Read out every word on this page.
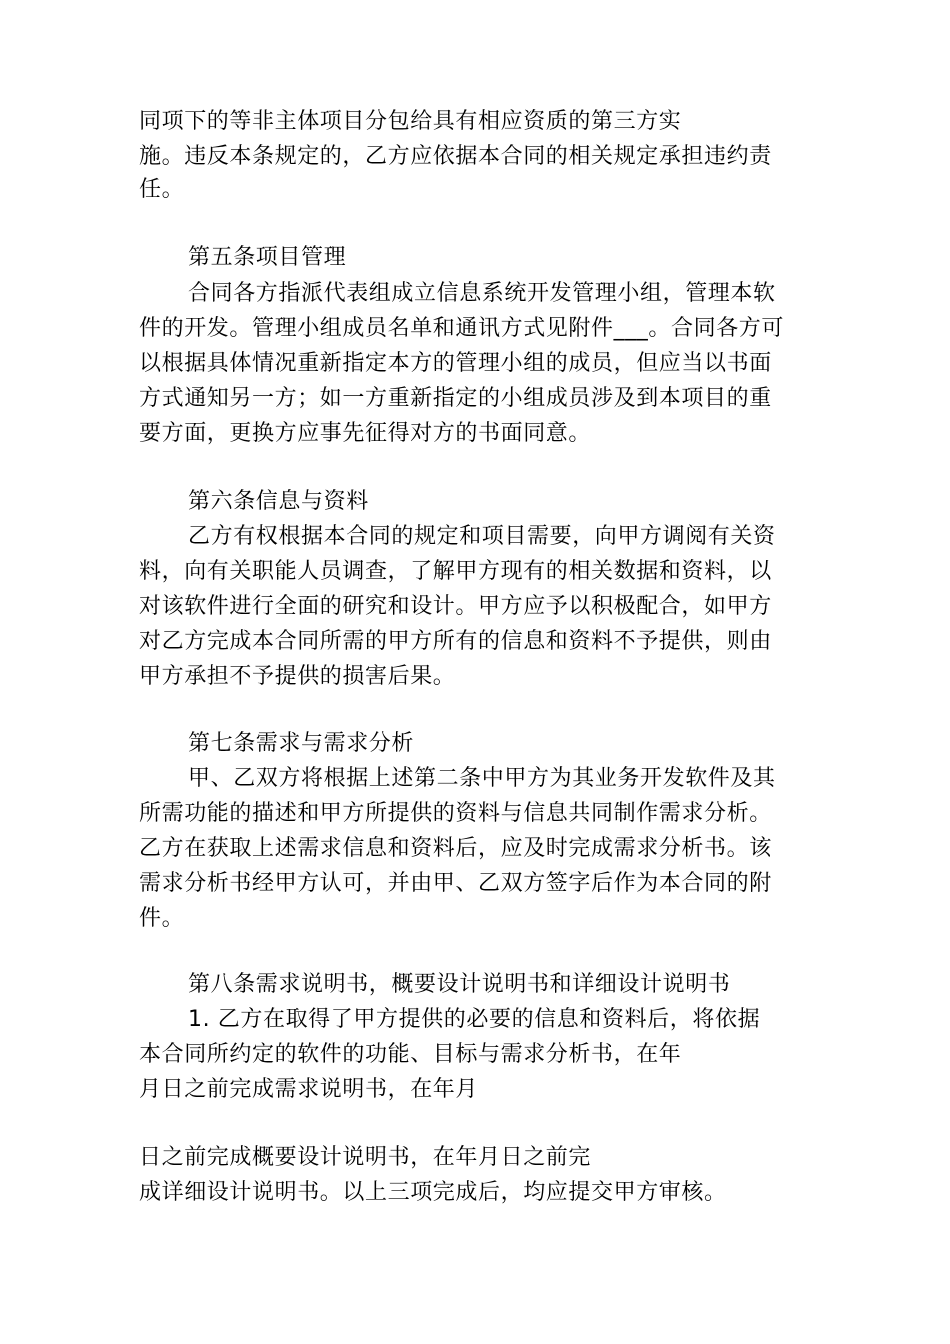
同项下的等非主体项目分包给具有相应资质的第三方实
施。违反本条规定的，乙方应依据本合同的相关规定承担违约责
任。
第五条项目管理
合同各方指派代表组成立信息系统开发管理小组，管理本软
件的开发。管理小组成员名单和通讯方式见附件___。合同各方可
以根据具体情况重新指定本方的管理小组的成员，但应当以书面
方式通知另一方；如一方重新指定的小组成员涉及到本项目的重
要方面，更换方应事先征得对方的书面同意。
第六条信息与资料
乙方有权根据本合同的规定和项目需要，向甲方调阅有关资
料，向有关职能人员调查，了解甲方现有的相关数据和资料，以
对该软件进行全面的研究和设计。甲方应予以积极配合，如甲方
对乙方完成本合同所需的甲方所有的信息和资料不予提供，则由
甲方承担不予提供的损害后果。
第七条需求与需求分析
甲、乙双方将根据上述第二条中甲方为其业务开发软件及其
所需功能的描述和甲方所提供的资料与信息共同制作需求分析。
乙方在获取上述需求信息和资料后，应及时完成需求分析书。该
需求分析书经甲方认可，并由甲、乙双方签字后作为本合同的附
件。
第八条需求说明书，概要设计说明书和详细设计说明书
1. 乙方在取得了甲方提供的必要的信息和资料后，将依据
本合同所约定的软件的功能、目标与需求分析书，在年
月日之前完成需求说明书，在年月
日之前完成概要设计说明书，在年月日之前完
成详细设计说明书。以上三项完成后，均应提交甲方审核。
